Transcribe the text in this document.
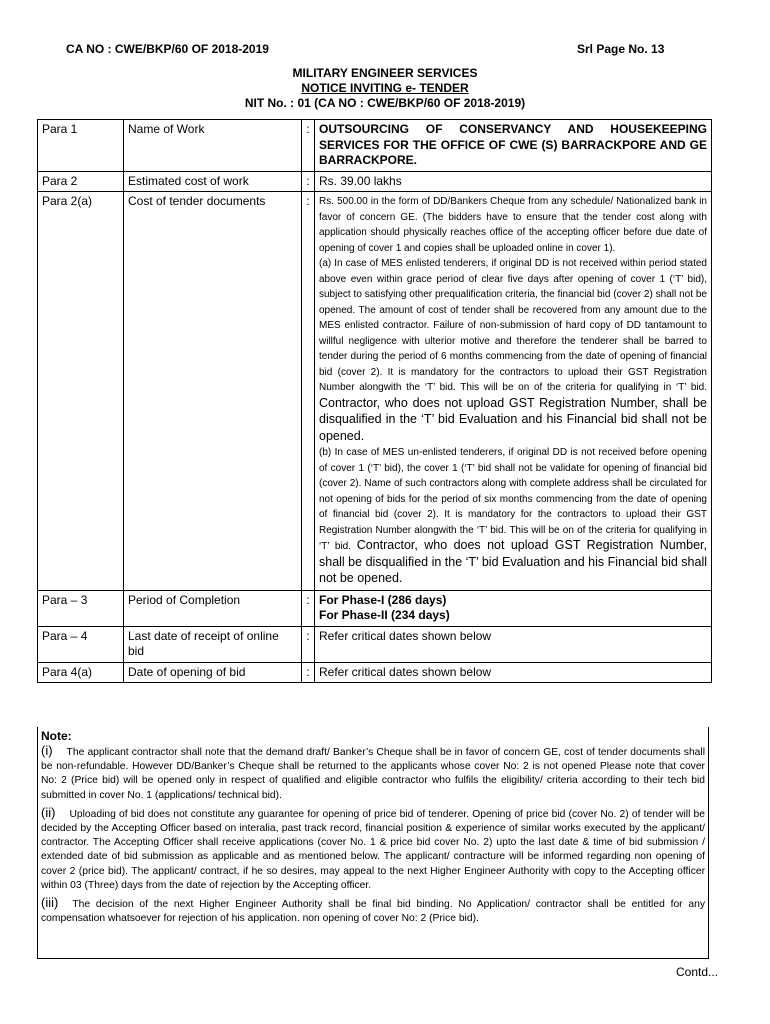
CA NO : CWE/BKP/60 OF 2018-2019	Srl Page No. 13
MILITARY ENGINEER SERVICES
NOTICE INVITING e- TENDER
NIT No. : 01 (CA NO : CWE/BKP/60 OF 2018-2019)
Para 1	Name of Work	:	OUTSOURCING OF CONSERVANCY AND HOUSEKEEPING SERVICES FOR THE OFFICE OF CWE (S) BARRACKPORE AND GE BARRACKPORE.
Para 2	Estimated cost of work	:	Rs. 39.00 lakhs
Para 2(a)	Cost of tender documents	:	Rs. 500.00 in the form of DD/Bankers Cheque from any schedule/ Nationalized bank in favor of concern GE. (The bidders have to ensure that the tender cost along with application should physically reaches office of the accepting officer before due date of opening of cover 1 and copies shall be uploaded online in cover 1).

(a) In case of MES enlisted tenderers, if original DD is not received within period stated above even within grace period of clear five days after opening of cover 1 (‘T’ bid), subject to satisfying other prequalification criteria, the financial bid (cover 2) shall not be opened. The amount of cost of tender shall be recovered from any amount due to the MES enlisted contractor. Failure of non-submission of hard copy of DD tantamount to willful negligence with ulterior motive and therefore the tenderer shall be barred to tender during the period of 6 months commencing from the date of opening of financial bid (cover 2). It is mandatory for the contractors to upload their GST Registration Number alongwith the ‘T’ bid. This will be on of the criteria for qualifying in ‘T’ bid. Contractor, who does not upload GST Registration Number, shall be disqualified in the ‘T’ bid Evaluation and his Financial bid shall not be opened.

(b) In case of MES un-enlisted tenderers, if original DD is not received before opening of cover 1 (‘T’ bid), the cover 1 (‘T’ bid shall not be validate for opening of financial bid (cover 2). Name of such contractors along with complete address shall be circulated for not opening of bids for the period of six months commencing from the date of opening of financial bid (cover 2). It is mandatory for the contractors to upload their GST Registration Number alongwith the ‘T’ bid. This will be on of the criteria for qualifying in ‘T’ bid. Contractor, who does not upload GST Registration Number, shall be disqualified in the ‘T’ bid Evaluation and his Financial bid shall not be opened.

Para – 3	Period of Completion	:	For Phase-I (286 days)
For Phase-II (234 days)

Para – 4	Last date of receipt of online bid	:	Refer critical dates shown below
Para 4(a)	Date of opening of bid	:	Refer critical dates shown below
Note:

(i) The applicant contractor shall note that the demand draft/ Banker’s Cheque shall be in favor of concern GE, cost of tender documents shall be non-refundable. However DD/Banker’s Cheque shall be returned to the applicants whose cover No: 2 is not opened Please note that cover No: 2 (Price bid) will be opened only in respect of qualified and eligible contractor who fulfils the eligibility/ criteria according to their tech bid submitted in cover No. 1 (applications/ technical bid).

(ii) Uploading of bid does not constitute any guarantee for opening of price bid of tenderer. Opening of price bid (cover No. 2) of tender will be decided by the Accepting Officer based on interalia, past track record, financial position & experience of similar works executed by the applicant/ contractor. The Accepting Officer shall receive applications (cover No. 1 & price bid cover No. 2) upto the last date & time of bid submission / extended date of bid submission as applicable and as mentioned below. The applicant/ contracture will be informed regarding non opening of cover 2 (price bid). The applicant/ contract, if he so desires, may appeal to the next Higher Engineer Authority with copy to the Accepting officer within 03 (Three) days from the date of rejection by the Accepting officer.

(iii) The decision of the next Higher Engineer Authority shall be final bid binding. No Application/ contractor shall be entitled for any compensation whatsoever for rejection of his application. non opening of cover No: 2 (Price bid).

Contd...
